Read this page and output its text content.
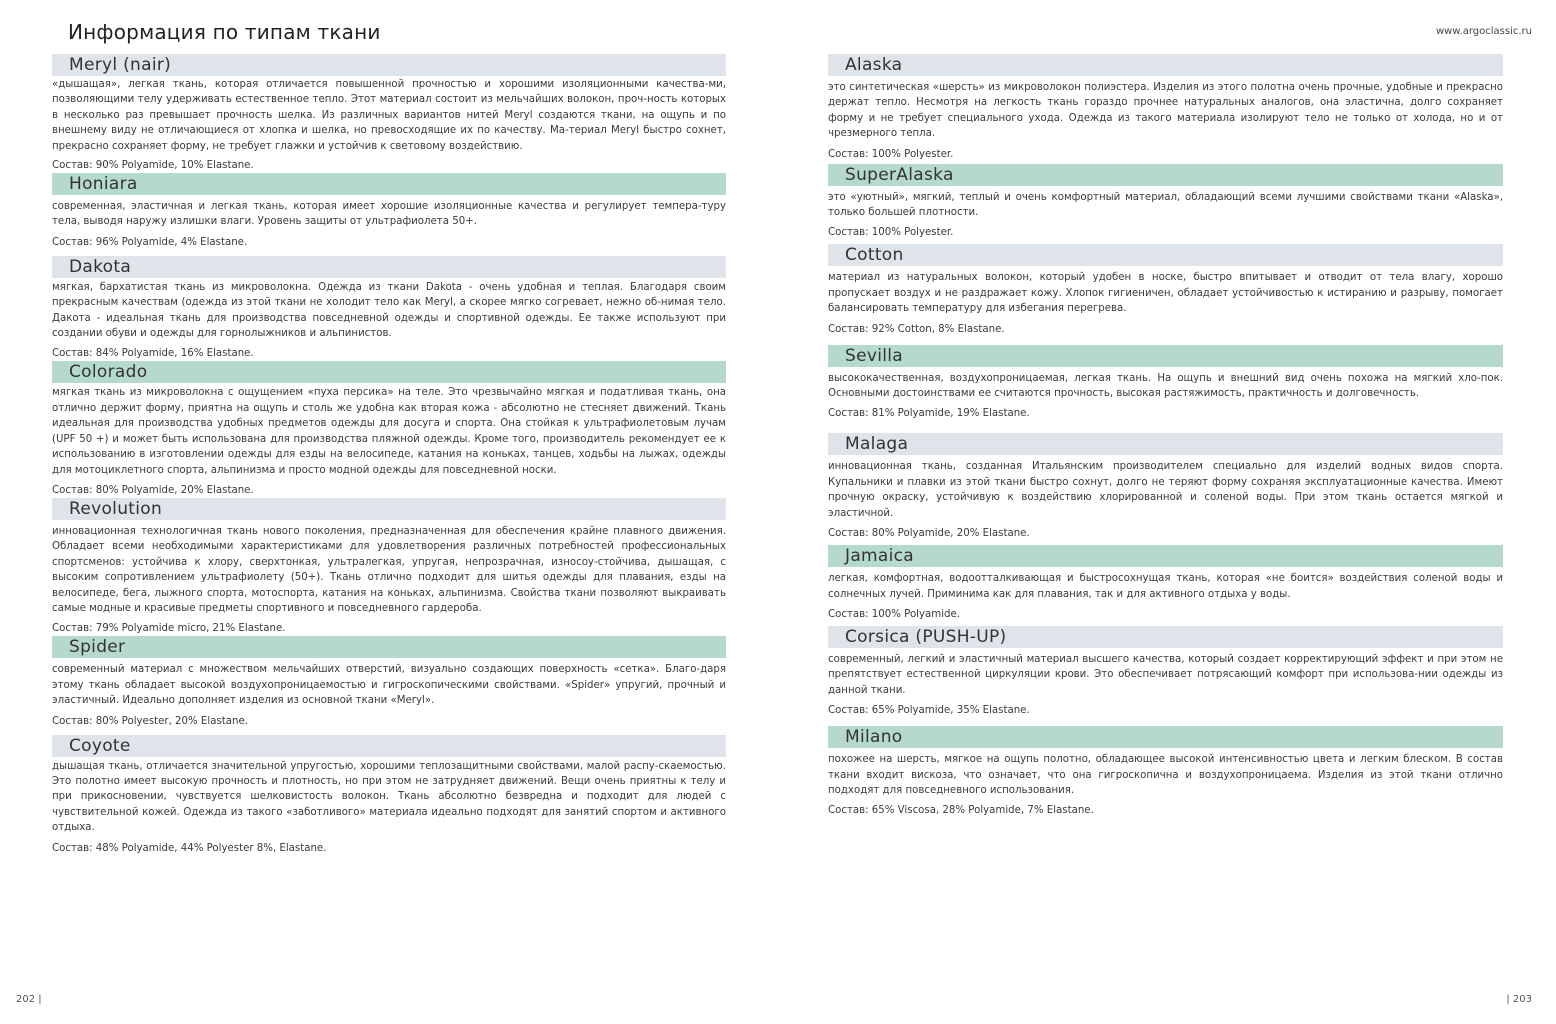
Информация по типам ткани	www.argoclassic.ru
Meryl (nair)
«дышащая», легкая ткань, которая отличается повышенной прочностью и хорошими изоляционными качества-ми, позволяющими телу удерживать естественное тепло. Этот материал состоит из мельчайших волокон, проч-ность которых в несколько раз превышает прочность шелка. Из различных вариантов нитей Meryl создаются ткани, на ощупь и по внешнему виду не отличающиеся от хлопка и шелка, но превосходящие их по качеству. Ма-териал Meryl быстро сохнет, прекрасно сохраняет форму, не требует глажки и устойчив к световому воздействию.
Состав: 90% Polyamide, 10% Elastane.
Honiara
современная, эластичная и легкая ткань, которая имеет хорошие изоляционные качества и регулирует темпера-туру тела, выводя наружу излишки влаги. Уровень защиты от ультрафиолета 50+.
Состав: 96% Polyamide, 4% Elastane.
Dakota
мягкая, бархатистая ткань из микроволокна. Одежда из ткани Dakota - очень удобная и теплая. Благодаря своим прекрасным качествам (одежда из этой ткани не холодит тело как Meryl, а скорее мягко согревает, нежно об-нимая тело. Дакота - идеальная ткань для производства повседневной одежды и спортивной одежды. Ее также используют при создании обуви и одежды для горнолыжников и альпинистов.
Состав: 84% Polyamide, 16% Elastane.
Colorado
мягкая ткань из микроволокна с ощущением «пуха персика» на теле. Это чрезвычайно мягкая и податливая ткань, она отлично держит форму, приятна на ощупь и столь же удобна как вторая кожа - абсолютно не стесняет движений. Ткань идеальная для производства удобных предметов одежды для досуга и спорта. Она стойкая к ультрафиолетовым лучам (UPF 50 +) и может быть использована для производства пляжной одежды. Кроме того, производитель рекомендует ее к использованию в изготовлении одежды для езды на велосипеде, катания на коньках, танцев, ходьбы на лыжах, одежды для мотоциклетного спорта, альпинизма и просто модной одежды для повседневной носки.
Состав: 80% Polyamide, 20% Elastane.
Revolution
инновационная технологичная ткань нового поколения, предназначенная для обеспечения крайне плавного движения. Обладает всеми необходимыми характеристиками для удовлетворения различных потребностей профессиональных спортсменов: устойчива к хлору, сверхтонкая, ультралегкая, упругая, непрозрачная, износоу-стойчива, дышащая, с высоким сопротивлением ультрафиолету (50+). Ткань отлично подходит для шитья одежды для плавания, езды на велосипеде, бега, лыжного спорта, мотоспорта, катания на коньках, альпинизма. Свойства ткани позволяют выкраивать самые модные и красивые предметы спортивного и повседневного гардероба.
Состав: 79% Polyamide micro, 21% Elastane.
Spider
современный материал с множеством мельчайших отверстий, визуально создающих поверхность «сетка». Благо-даря этому ткань обладает высокой воздухопроницаемостью и гигроскопическими свойствами. «Spider» упругий, прочный и эластичный. Идеально дополняет изделия из основной ткани «Meryl».
Состав: 80% Polyester, 20% Elastane.
Coyote
дышащая ткань, отличается значительной упругостью, хорошими теплозащитными свойствами, малой распу-скаемостью. Это полотно имеет высокую прочность и плотность, но при этом не затрудняет движений. Вещи очень приятны к телу и при прикосновении, чувствуется шелковистость волокон. Ткань абсолютно безвредна и подходит для людей с чувствительной кожей. Одежда из такого «заботливого» материала идеально подходят для занятий спортом и активного отдыха.
Состав: 48% Polyamide, 44% Polyester 8%, Elastane.
Alaska
это синтетическая «шерсть» из микроволокон полиэстера. Изделия из этого полотна очень прочные, удобные и прекрасно держат тепло. Несмотря на легкость ткань гораздо прочнее натуральных аналогов, она эластична, долго сохраняет форму и не требует специального ухода. Одежда из такого материала изолируют тело не только от холода, но и от чрезмерного тепла.
Состав: 100% Polyester.
SuperAlaska
это «уютный», мягкий, теплый и очень комфортный материал, обладающий всеми лучшими свойствами ткани «Alaska», только большей плотности.
Состав: 100% Polyester.
Cotton
материал из натуральных волокон, который удобен в носке, быстро впитывает и отводит от тела влагу, хорошо пропускает воздух и не раздражает кожу. Хлопок гигиеничен, обладает устойчивостью к истиранию и разрыву, помогает балансировать температуру для избегания перегрева.
Состав: 92% Cotton, 8% Elastane.
Sevilla
высококачественная, воздухопроницаемая, легкая ткань. На ощупь и внешний вид очень похожа на мягкий хло-пок. Основными достоинствами ее считаются прочность, высокая растяжимость, практичность и долговечность.
Состав: 81% Polyamide, 19% Elastane.
Malaga
инновационная ткань, созданная Итальянским производителем специально для изделий водных видов спорта. Купальники и плавки из этой ткани быстро сохнут, долго не теряют форму сохраняя эксплуатационные качества. Имеют прочную окраску, устойчивую к воздействию хлорированной и соленой воды. При этом ткань остается мягкой и эластичной.
Состав: 80% Polyamide, 20% Elastane.
Jamaica
легкая, комфортная, водоотталкивающая и быстросохнущая ткань, которая «не боится» воздействия соленой воды и солнечных лучей. Приминима как для плавания, так и для активного отдыха у воды.
Состав: 100% Polyamide.
Corsica (PUSH-UP)
современный, легкий и эластичный материал высшего качества, который создает корректирующий эффект и при этом не препятствует естественной циркуляции крови. Это обеспечивает потрясающий комфорт при использова-нии одежды из данной ткани.
Состав: 65% Polyamide, 35% Elastane.
Milano
похожее на шерсть, мягкое на ощупь полотно, обладающее высокой интенсивностью цвета и легким блеском. В состав ткани входит вискоза, что означает, что она гигроскопична и воздухопроницаема. Изделия из этой ткани отлично подходят для повседневного использования.
Состав: 65% Viscosa, 28% Polyamide, 7% Elastane.
202 |	| 203
